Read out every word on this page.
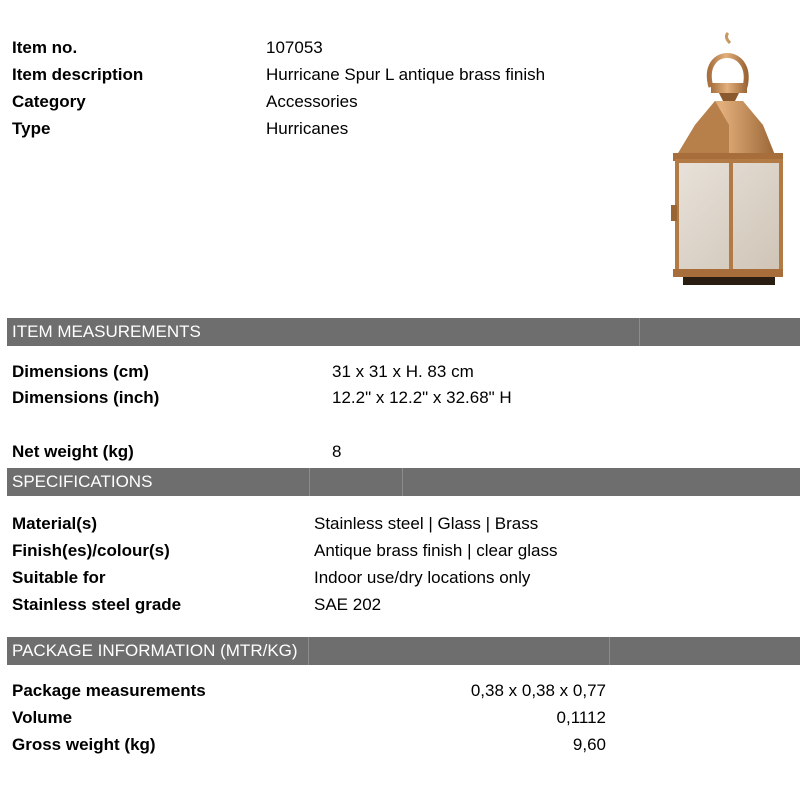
Item no.	107053
Item description	Hurricane Spur L antique brass finish
Category	Accessories
Type	Hurricanes
ITEM MEASUREMENTS
Dimensions (cm)	31 x 31 x H. 83 cm
Dimensions (inch)	12.2" x 12.2" x 32.68" H
Net weight (kg)	8
SPECIFICATIONS
Material(s)	Stainless steel | Glass | Brass
Finish(es)/colour(s)	Antique brass finish | clear glass
Suitable for	Indoor use/dry locations only
Stainless steel grade	SAE 202
PACKAGE INFORMATION (MTR/KG)
Package measurements	0,38 x 0,38 x 0,77
Volume	0,1112
Gross weight (kg)	9,60
